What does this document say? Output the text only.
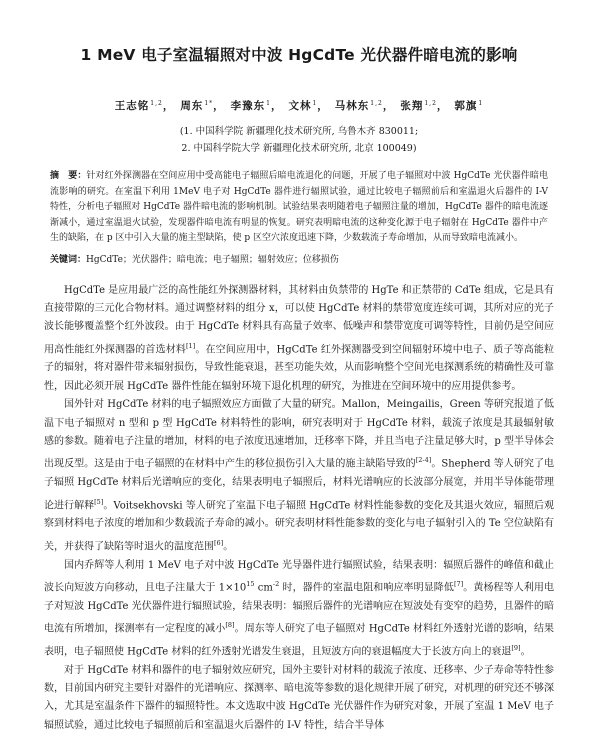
1 MeV 电子室温辐照对中波 HgCdTe 光伏器件暗电流的影响
王志铭$^{1,2}$， 周东$^{1*}$， 李豫东$^1$， 文林$^1$， 马林东$^{1,2}$， 张翔$^{1,2}$， 郭旗$^1$
(1. 中国科学院 新疆理化技术研究所, 乌鲁木齐 830011;
2. 中国科学院大学 新疆理化技术研究所, 北京 100049)
摘　要：针对红外探测器在空间应用中受高能电子辐照后暗电流退化的问题，开展了电子辐照对中波 HgCdTe 光伏器件暗电流影响的研究。在室温下利用 1MeV 电子对 HgCdTe 器件进行辐照试验，通过比较电子辐照前后和室温退火后器件的 I-V 特性，分析电子辐照对 HgCdTe 器件暗电流的影响机制。试验结果表明随着电子辐照注量的增加，HgCdTe 器件的暗电流逐渐减小，通过室温退火试验，发现器件暗电流有明显的恢复。研究表明暗电流的这种变化源于电子辐射在 HgCdTe 器件中产生的缺陷，在 p 区中引入大量的施主型缺陷，使 p 区空穴浓度迅速下降，少数载流子寿命增加，从而导致暗电流减小。
关键词：HgCdTe；光伏器件；暗电流；电子辐照；辐射效应；位移损伤

HgCdTe 是应用最广泛的高性能红外探测器材料，其材料由负禁带的 HgTe 和正禁带的 CdTe 组成，它是具有直接带隙的三元化合物材料。通过调整材料的组分 x，可以使 HgCdTe 材料的禁带宽度连续可调，其所对应的光子波长能够覆盖整个红外波段。由于 HgCdTe 材料具有高量子效率、低噪声和禁带宽度可调等特性，目前仍是空间应用高性能红外探测器的首选材料[1]。在空间应用中，HgCdTe 红外探测器受到空间辐射环境中电子、质子等高能粒子的辐射，将对器件带来辐射损伤，导致性能衰退，甚至功能失效，从而影响整个空间光电探测系统的精确性及可靠性，因此必须开展 HgCdTe 器件性能在辐射环境下退化机理的研究，为推进在空间环境中的应用提供参考。

国外针对 HgCdTe 材料的电子辐照效应方面做了大量的研究。Mallon，Meingailis，Green 等研究报道了低温下电子辐照对 n 型和 p 型 HgCdTe 材料特性的影响，研究表明对于 HgCdTe 材料，载流子浓度是其最辐射敏感的参数。随着电子注量的增加，材料的电子浓度迅速增加，迁移率下降，并且当电子注量足够大时，p 型半导体会出现反型。这是由于电子辐照的在材料中产生的移位损伤引入大量的施主缺陷导致的[2-4]。Shepherd 等人研究了电子辐照 HgCdTe 材料后光谱响应的变化，结果表明电子辐照后，材料光谱响应的长波部分展宽，并用半导体能带理论进行解释[5]。Voitsekhovski 等人研究了室温下电子辐照 HgCdTe 材料性能参数的变化及其退火效应，辐照后观察到材料电子浓度的增加和少数载流子寿命的减小。研究表明材料性能参数的变化与电子辐射引入的 Te 空位缺陷有关，并获得了缺陷等时退火的温度范围[6]。

国内乔辉等人利用 1 MeV 电子对中波 HgCdTe 光导器件进行辐照试验，结果表明：辐照后器件的峰值和截止波长向短波方向移动，且电子注量大于 1×10$^{15}$ cm$^{-2}$ 时，器件的室温电阻和响应率明显降低[7]。黄杨程等人利用电子对短波 HgCdTe 光伏器件进行辐照试验，结果表明：辐照后器件的光谱响应在短波处有变窄的趋势，且器件的暗电流有所增加，探测率有一定程度的减小[8]。周东等人研究了电子辐照对 HgCdTe 材料红外透射光谱的影响，结果表明，电子辐照使 HgCdTe 材料的红外透射光谱发生衰退，且短波方向的衰退幅度大于长波方向上的衰退[9]。

对于 HgCdTe 材料和器件的电子辐射效应研究，国外主要针对材料的载流子浓度、迁移率、少子寿命等特性参数，目前国内研究主要针对器件的光谱响应、探测率、暗电流等参数的退化规律开展了研究，对机理的研究还不够深入，尤其是室温条件下器件的辐照特性。本文选取中波 HgCdTe 光伏器件作为研究对象，开展了室温 1 MeV 电子辐照试验，通过比较电子辐照前后和室温退火后器件的 I-V 特性，结合半导体
